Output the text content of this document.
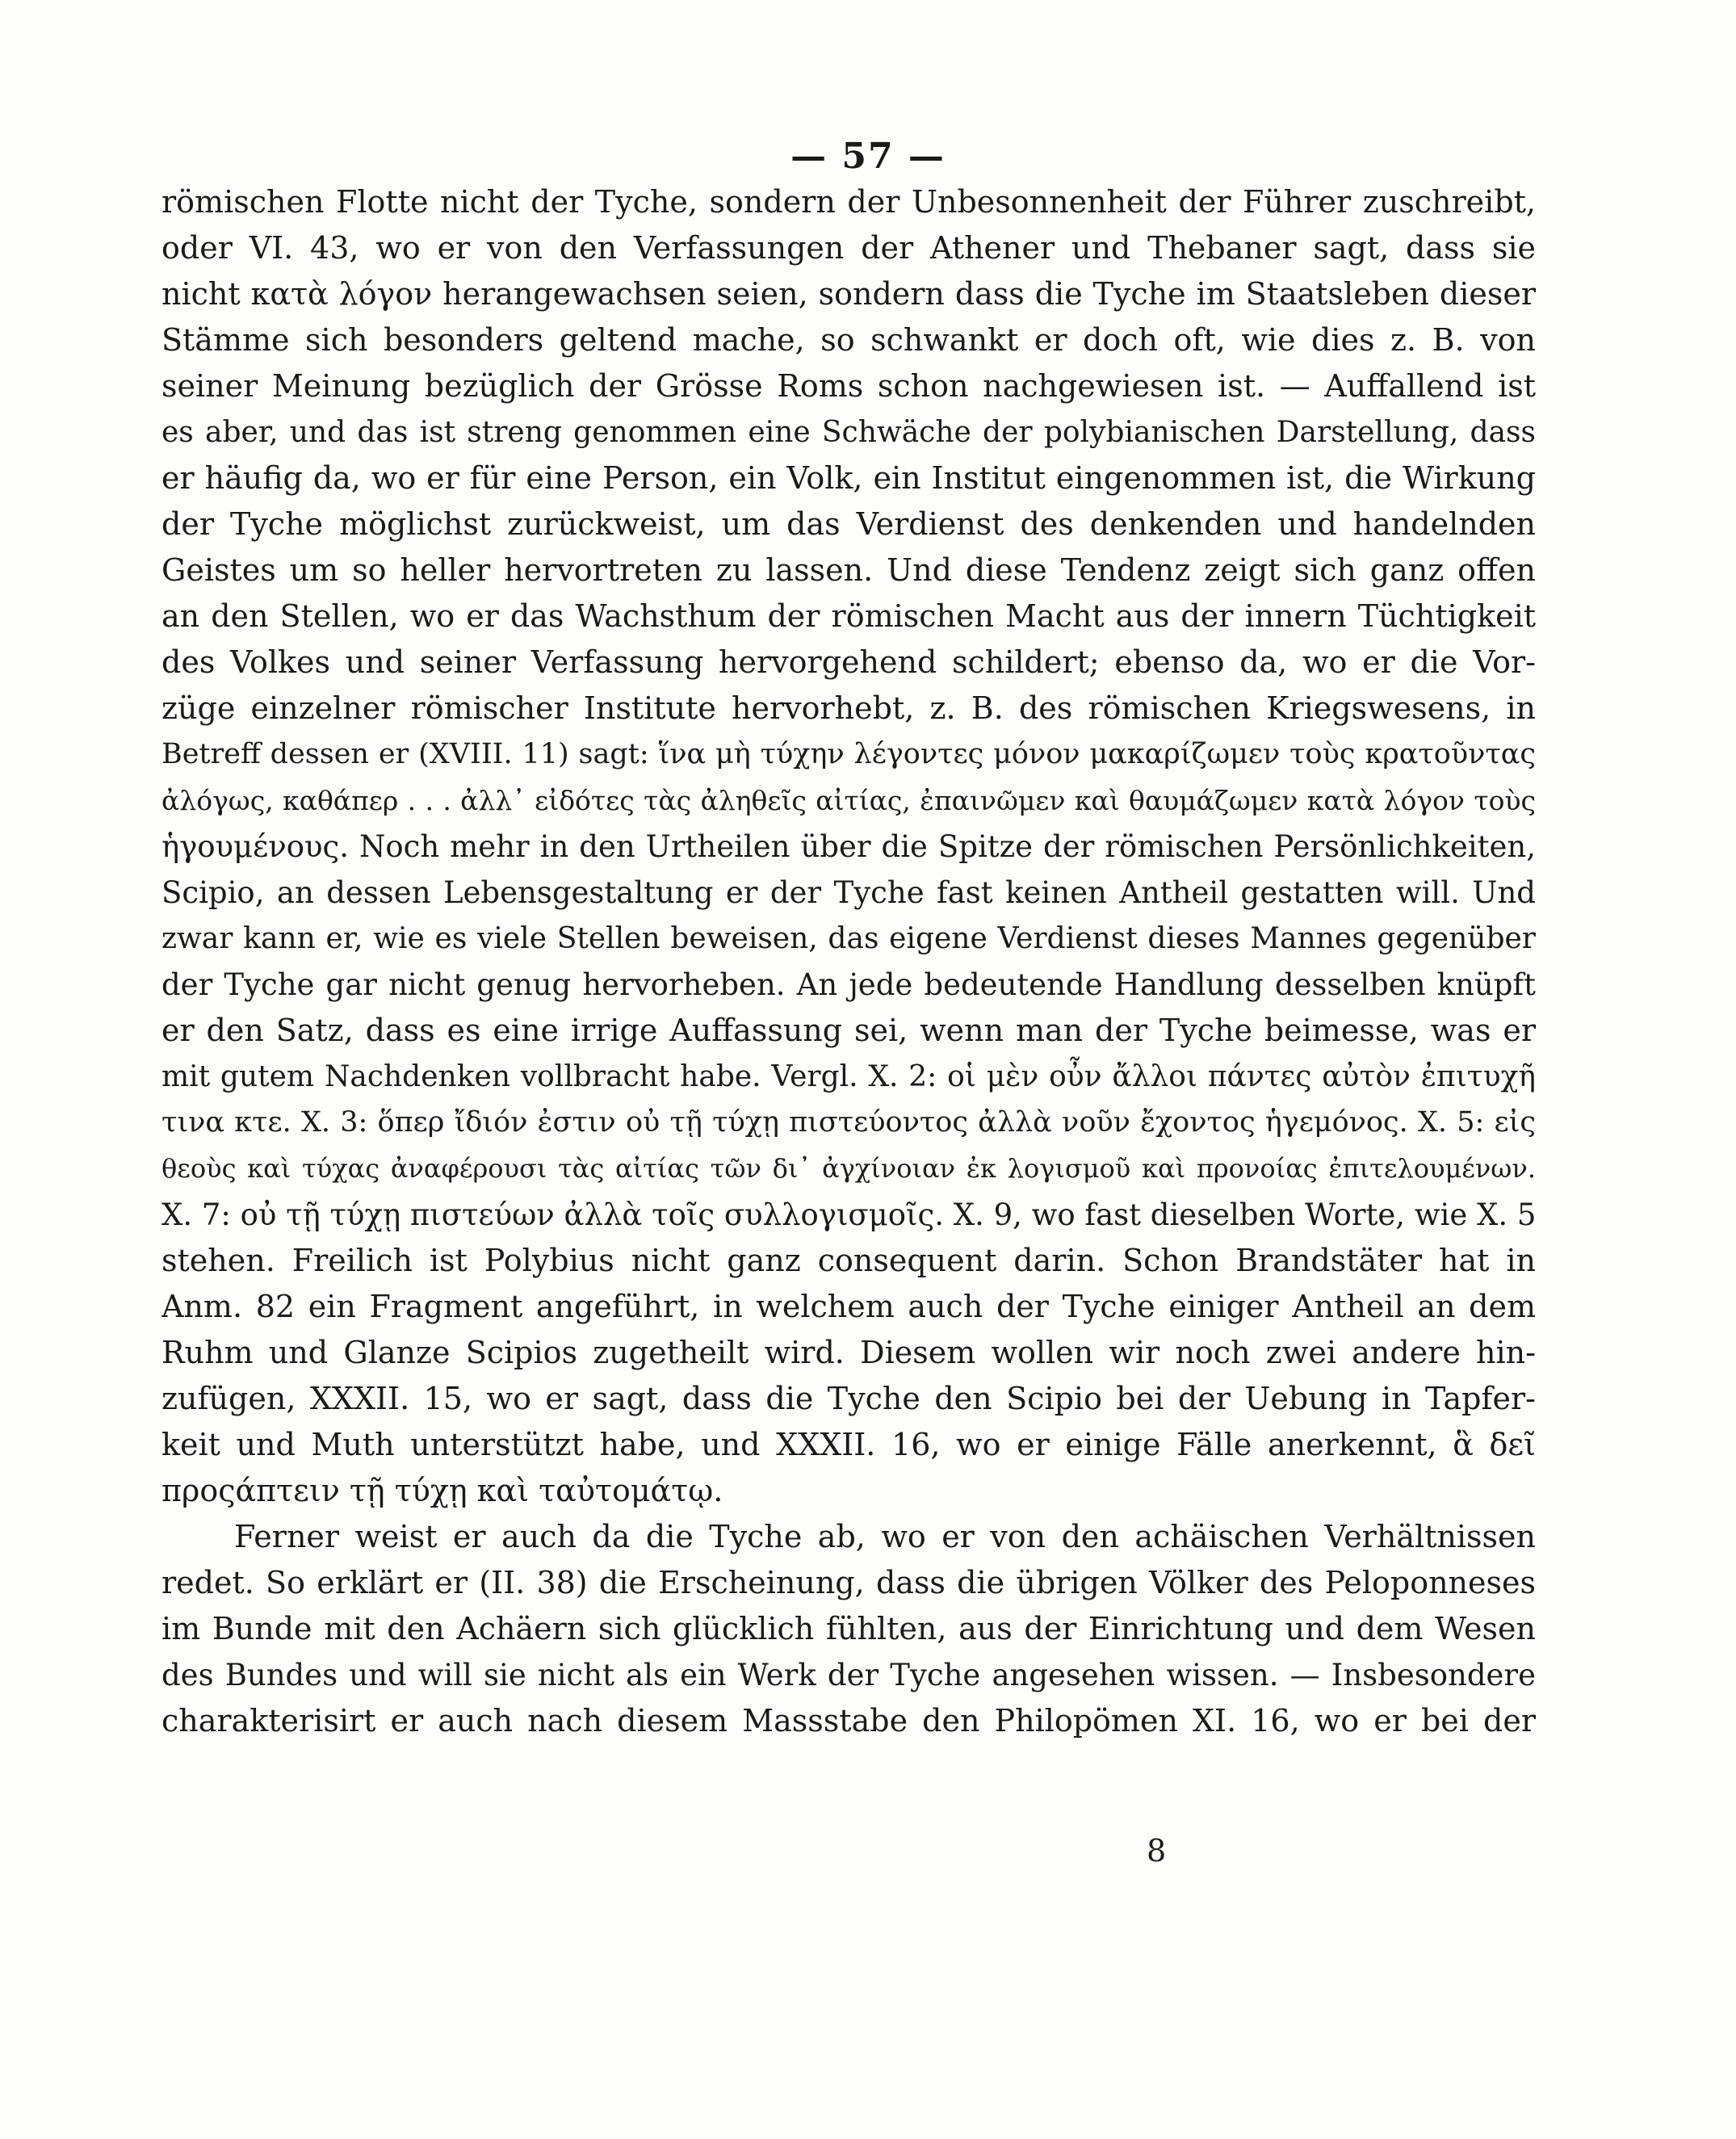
— 57 —
römischen Flotte nicht der Tyche, sondern der Unbesonnenheit der Führer zuschreibt,
oder VI. 43, wo er von den Verfassungen der Athener und Thebaner sagt, dass sie
nicht κατὰ λόγον herangewachsen seien, sondern dass die Tyche im Staatsleben dieser
Stämme sich besonders geltend mache, so schwankt er doch oft, wie dies z. B. von
seiner Meinung bezüglich der Grösse Roms schon nachgewiesen ist. — Auffallend ist
es aber, und das ist streng genommen eine Schwäche der polybianischen Darstellung, dass
er häufig da, wo er für eine Person, ein Volk, ein Institut eingenommen ist, die Wirkung
der Tyche möglichst zurückweist, um das Verdienst des denkenden und handelnden
Geistes um so heller hervortreten zu lassen. Und diese Tendenz zeigt sich ganz offen
an den Stellen, wo er das Wachsthum der römischen Macht aus der innern Tüchtigkeit
des Volkes und seiner Verfassung hervorgehend schildert; ebenso da, wo er die Vor-
züge einzelner römischer Institute hervorhebt, z. B. des römischen Kriegswesens, in
Betreff dessen er (XVIII. 11) sagt: ἵνα μὴ τύχην λέγοντες μόνον μακαρίζωμεν τοὺς κρατοῦντας
ἀλόγως, καθάπερ . . . ἀλλ᾽ εἰδότες τὰς ἀληθεῖς αἰτίας, ἐπαινῶμεν καὶ θαυμάζωμεν κατὰ λόγον τοὺς
ἡγουμένους. Noch mehr in den Urtheilen über die Spitze der römischen Persönlichkeiten,
Scipio, an dessen Lebensgestaltung er der Tyche fast keinen Antheil gestatten will. Und
zwar kann er, wie es viele Stellen beweisen, das eigene Verdienst dieses Mannes gegenüber
der Tyche gar nicht genug hervorheben. An jede bedeutende Handlung desselben knüpft
er den Satz, dass es eine irrige Auffassung sei, wenn man der Tyche beimesse, was er
mit gutem Nachdenken vollbracht habe. Vergl. X. 2: οἱ μὲν οὖν ἄλλοι πάντες αὐτὸν ἐπιτυχῆ
τινα κτε. X. 3: ὅπερ ἴδιόν ἐστιν οὐ τῇ τύχῃ πιστεύοντος ἀλλὰ νοῦν ἔχοντος ἡγεμόνος. X. 5: εἰς
θεοὺς καὶ τύχας ἀναφέρουσι τὰς αἰτίας τῶν δι᾽ ἀγχίνοιαν ἐκ λογισμοῦ καὶ προνοίας ἐπιτελουμένων.
X. 7: οὐ τῇ τύχῃ πιστεύων ἀλλὰ τοῖς συλλογισμοῖς. X. 9, wo fast dieselben Worte, wie X. 5
stehen. Freilich ist Polybius nicht ganz consequent darin. Schon Brandstäter hat in
Anm. 82 ein Fragment angeführt, in welchem auch der Tyche einiger Antheil an dem
Ruhm und Glanze Scipios zugetheilt wird. Diesem wollen wir noch zwei andere hin-
zufügen, XXXII. 15, wo er sagt, dass die Tyche den Scipio bei der Uebung in Tapfer-
keit und Muth unterstützt habe, und XXXII. 16, wo er einige Fälle anerkennt, ἃ δεῖ
προςάπτειν τῇ τύχῃ καὶ ταὐτομάτῳ.
Ferner weist er auch da die Tyche ab, wo er von den achäischen Verhältnissen
redet. So erklärt er (II. 38) die Erscheinung, dass die übrigen Völker des Peloponneses
im Bunde mit den Achäern sich glücklich fühlten, aus der Einrichtung und dem Wesen
des Bundes und will sie nicht als ein Werk der Tyche angesehen wissen. — Insbesondere
charakterisirt er auch nach diesem Massstabe den Philopömen XI. 16, wo er bei der
8
